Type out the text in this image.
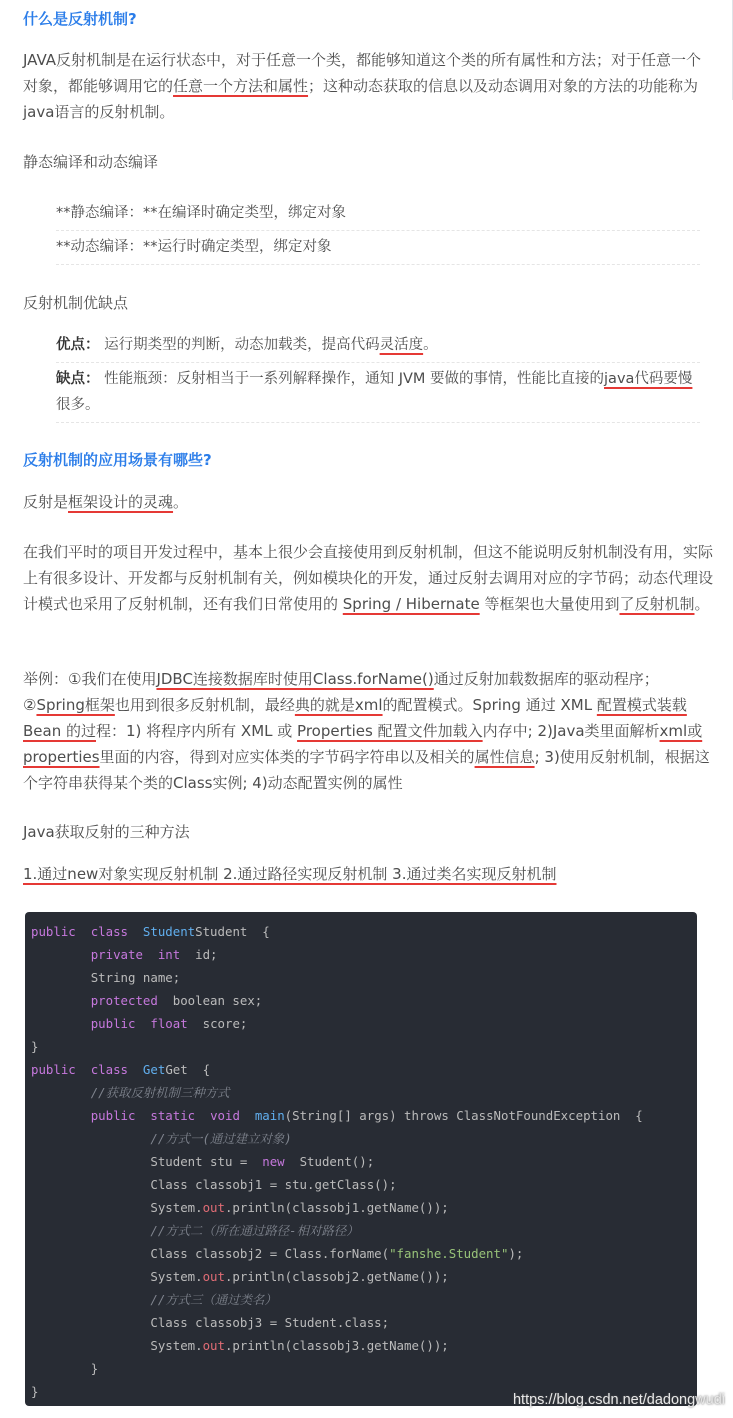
什么是反射机制?

JAVA反射机制是在运行状态中，对于任意一个类，都能够知道这个类的所有属性和方法；对于任意一个对象，都能够调用它的任意一个方法和属性；这种动态获取的信息以及动态调用对象的方法的功能称为java语言的反射机制。

静态编译和动态编译
**静态编译：**在编译时确定类型，绑定对象
**动态编译：**运行时确定类型，绑定对象
反射机制优缺点
优点： 运行期类型的判断，动态加载类，提高代码灵活度。
缺点： 性能瓶颈：反射相当于一系列解释操作，通知 JVM 要做的事情，性能比直接的java代码要慢很多。
反射机制的应用场景有哪些?

反射是框架设计的灵魂。

在我们平时的项目开发过程中，基本上很少会直接使用到反射机制，但这不能说明反射机制没有用，实际上有很多设计、开发都与反射机制有关，例如模块化的开发，通过反射去调用对应的字节码；动态代理设计模式也采用了反射机制，还有我们日常使用的 Spring / Hibernate 等框架也大量使用到了反射机制。

举例：①我们在使用JDBC连接数据库时使用Class.forName()通过反射加载数据库的驱动程序；②Spring框架也用到很多反射机制，最经典的就是xml的配置模式。Spring 通过 XML 配置模式装载 Bean 的过程：1) 将程序内所有 XML 或 Properties 配置文件加载入内存中; 2)Java类里面解析xml或properties里面的内容，得到对应实体类的字节码字符串以及相关的属性信息; 3)使用反射机制，根据这个字符串获得某个类的Class实例; 4)动态配置实例的属性

Java获取反射的三种方法
1.通过new对象实现反射机制 2.通过路径实现反射机制 3.通过类名实现反射机制
public class StudentStudent  {
private int id;
String name;
protected boolean sex;
public float score;
}
public class GetGet  {
//获取反射机制三种方式
public static void main(String[] args) throws ClassNotFoundException  {
//方式一(通过建立对象)
Student stu =  new  Student();
Class classobj1 = stu.getClass();
System.out.println(classobj1.getName());
//方式二（所在通过路径-相对路径）
Class classobj2 = Class.forName("fanshe.Student");
System.out.println(classobj2.getName());
//方式三（通过类名）
Class classobj3 = Student.class;
System.out.println(classobj3.getName());
}
}
https://blog.csdn.net/dadongwudi
